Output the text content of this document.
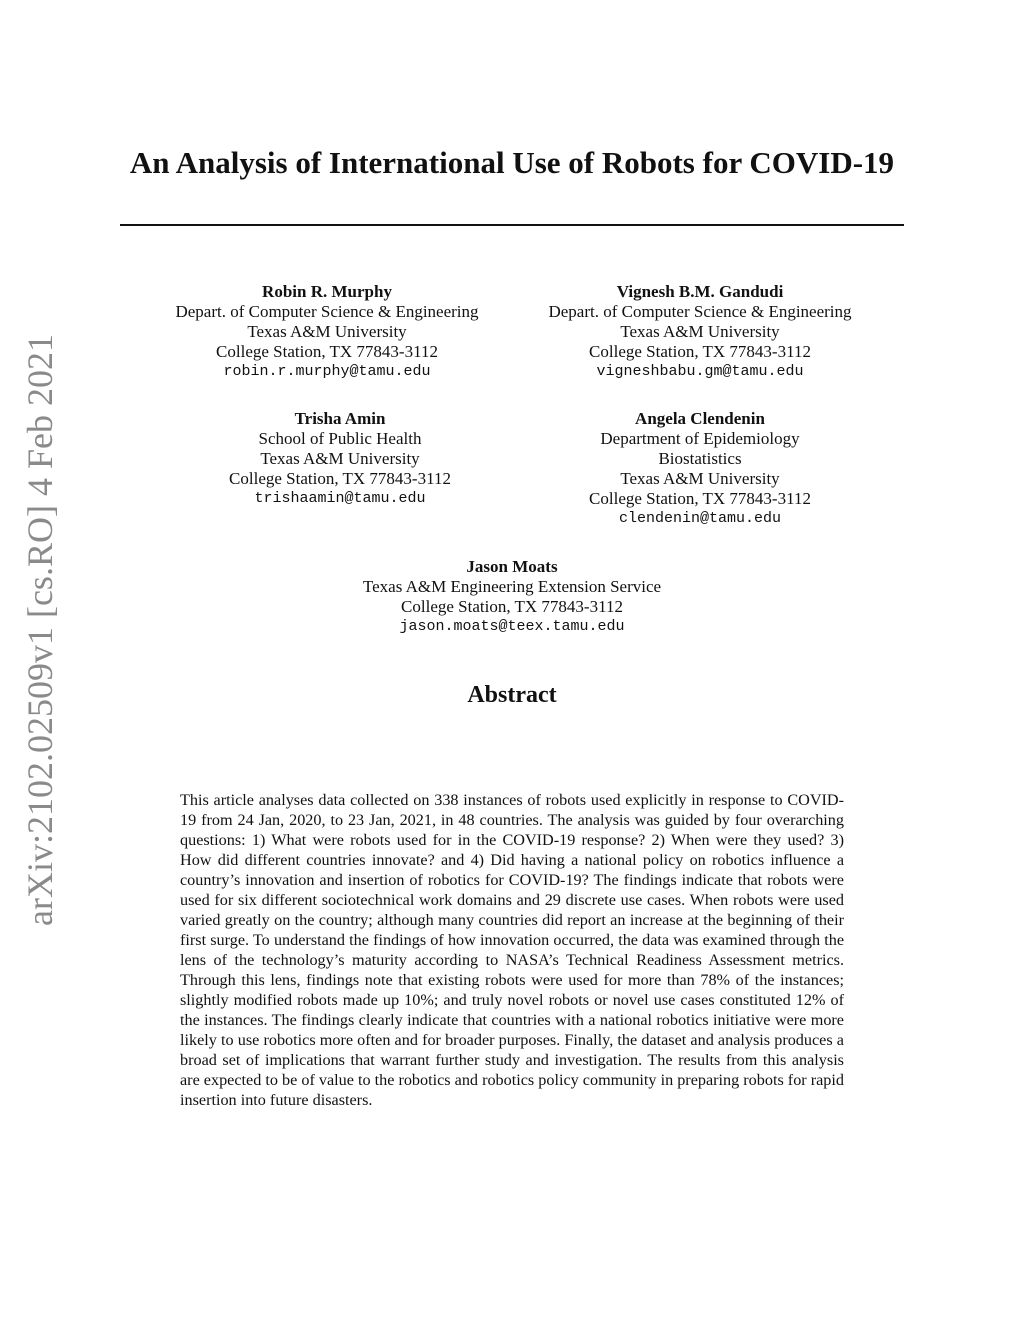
arXiv:2102.02509v1 [cs.RO] 4 Feb 2021
An Analysis of International Use of Robots for COVID-19
Robin R. Murphy
Depart. of Computer Science & Engineering
Texas A&M University
College Station, TX 77843-3112
robin.r.murphy@tamu.edu
Vignesh B.M. Gandudi
Depart. of Computer Science & Engineering
Texas A&M University
College Station, TX 77843-3112
vigneshbabu.gm@tamu.edu
Trisha Amin
School of Public Health
Texas A&M University
College Station, TX 77843-3112
trishaamin@tamu.edu
Angela Clendenin
Department of Epidemiology
Biostatistics
Texas A&M University
College Station, TX 77843-3112
clendenin@tamu.edu
Jason Moats
Texas A&M Engineering Extension Service
College Station, TX 77843-3112
jason.moats@teex.tamu.edu
Abstract

This article analyses data collected on 338 instances of robots used explicitly in response to COVID-19 from 24 Jan, 2020, to 23 Jan, 2021, in 48 countries. The analysis was guided by four overarching questions: 1) What were robots used for in the COVID-19 response? 2) When were they used? 3) How did different countries innovate? and 4) Did having a national policy on robotics influence a country’s innovation and insertion of robotics for COVID-19? The findings indicate that robots were used for six different sociotechnical work domains and 29 discrete use cases. When robots were used varied greatly on the country; although many countries did report an increase at the beginning of their first surge. To understand the findings of how innovation occurred, the data was examined through the lens of the technology’s maturity according to NASA’s Technical Readiness Assessment metrics. Through this lens, findings note that existing robots were used for more than 78% of the instances; slightly modified robots made up 10%; and truly novel robots or novel use cases constituted 12% of the instances. The findings clearly indicate that countries with a national robotics initiative were more likely to use robotics more often and for broader purposes. Finally, the dataset and analysis produces a broad set of implications that warrant further study and investigation. The results from this analysis are expected to be of value to the robotics and robotics policy community in preparing robots for rapid insertion into future disasters.
